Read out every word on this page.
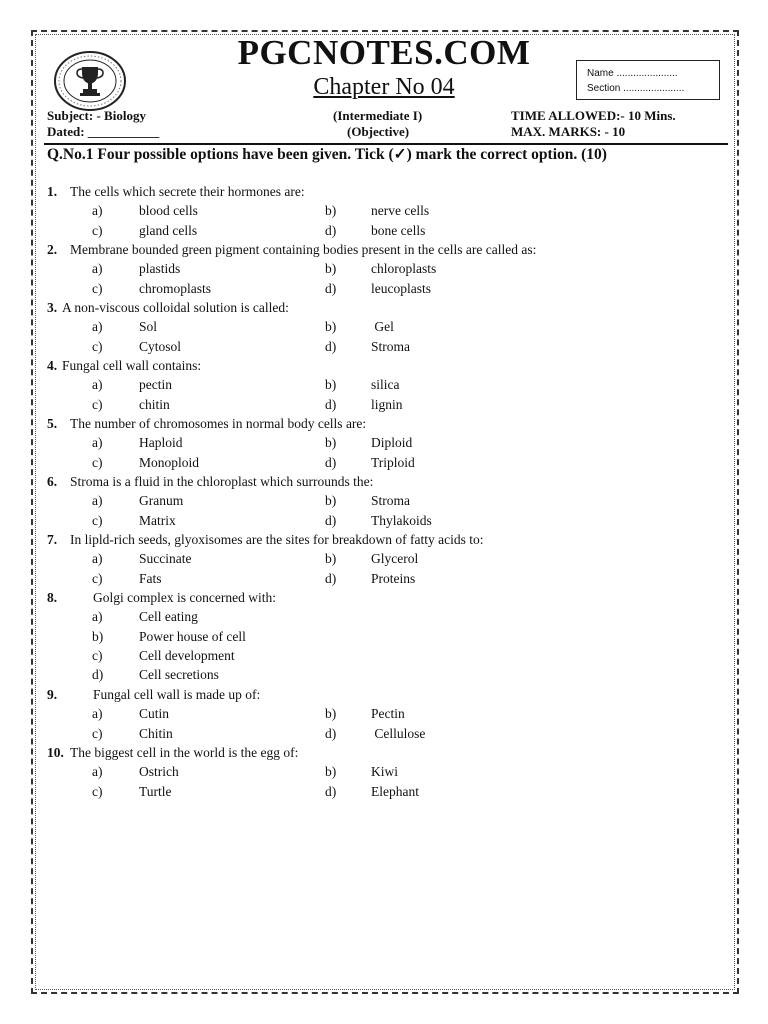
PGCNOTES.COM
Chapter No 04
Name ......................
Section ......................
Subject: - Biology
Dated: ___________
(Intermediate I)
(Objective)
TIME ALLOWED:- 10 Mins.
MAX. MARKS: - 10
Q.No.1 Four possible options have been given. Tick (✓) mark the correct option. (10)
1. The cells which secrete their hormones are:
a)	blood cells	b)	nerve cells
c)	gland cells	d)	bone cells
2. Membrane bounded green pigment containing bodies present in the cells are called as:
a)	plastids	b)	chloroplasts
c)	chromoplasts	d)	leucoplasts
3. A non-viscous colloidal solution is called:
a)	Sol	b)	Gel
c)	Cytosol	d)	Stroma
4. Fungal cell wall contains:
a)	pectin	b)	silica
c)	chitin	d)	lignin
5. The number of chromosomes in normal body cells are:
a)	Haploid	b)	Diploid
c)	Monoploid	d)	Triploid
6. Stroma is a fluid in the chloroplast which surrounds the:
a)	Granum	b)	Stroma
c)	Matrix	d)	Thylakoids
7. In lipld-rich seeds, glyoxisomes are the sites for breakdown of fatty acids to:
a)	Succinate	b)	Glycerol
c)	Fats	d)	Proteins
8.	Golgi complex is concerned with:
a)	Cell eating
b)	Power house of cell
c)	Cell development
d)	Cell secretions
9.	Fungal cell wall is made up of:
a)	Cutin	b)	Pectin
c)	Chitin	d)	Cellulose
10. The biggest cell in the world is the egg of:
a)	Ostrich	b)	Kiwi
c)	Turtle	d)	Elephant
